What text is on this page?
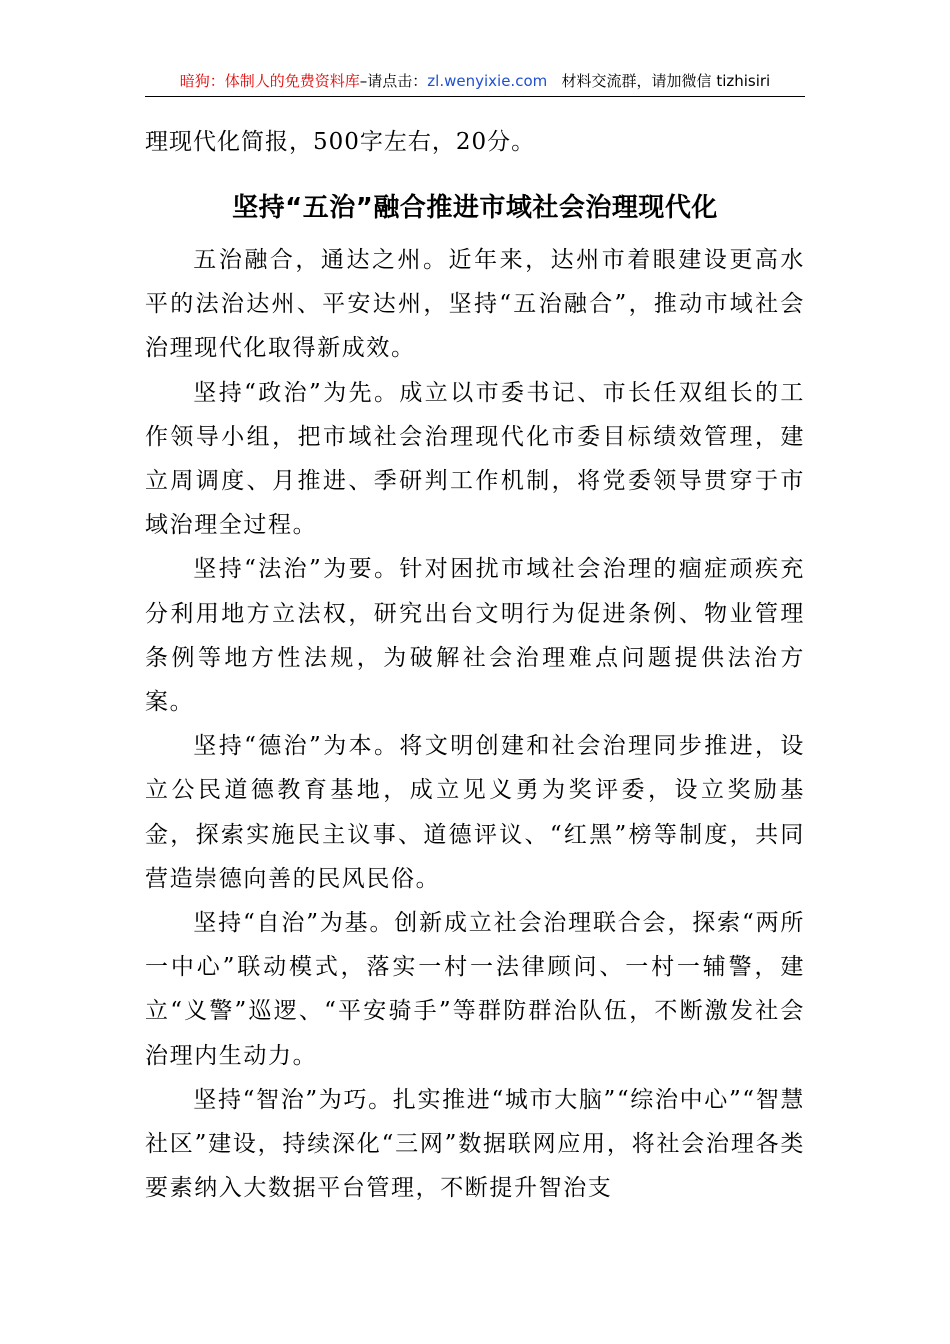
暗狗：体制人的免费资料库–请点击：zl.wenyixie.com 材料交流群，请加微信 tizhisiri

理现代化简报，500字左右，20分。

坚持“五治”融合推进市域社会治理现代化

五治融合，通达之州。近年来，达州市着眼建设更高水平的法治达州、平安达州，坚持“五治融合”，推动市域社会治理现代化取得新成效。

坚持“政治”为先。成立以市委书记、市长任双组长的工作领导小组，把市域社会治理现代化市委目标绩效管理，建立周调度、月推进、季研判工作机制，将党委领导贯穿于市域治理全过程。

坚持“法治”为要。针对困扰市域社会治理的痼症顽疾充分利用地方立法权，研究出台文明行为促进条例、物业管理条例等地方性法规，为破解社会治理难点问题提供法治方案。

坚持“德治”为本。将文明创建和社会治理同步推进，设立公民道德教育基地，成立见义勇为奖评委，设立奖励基金，探索实施民主议事、道德评议、“红黑”榜等制度，共同营造崇德向善的民风民俗。

坚持“自治”为基。创新成立社会治理联合会，探索“两所一中心”联动模式，落实一村一法律顾问、一村一辅警，建立“义警”巡逻、“平安骑手”等群防群治队伍，不断激发社会治理内生动力。

坚持“智治”为巧。扎实推进“城市大脑”“综治中心”“智慧社区”建设，持续深化“三网”数据联网应用，将社会治理各类要素纳入大数据平台管理，不断提升智治支
